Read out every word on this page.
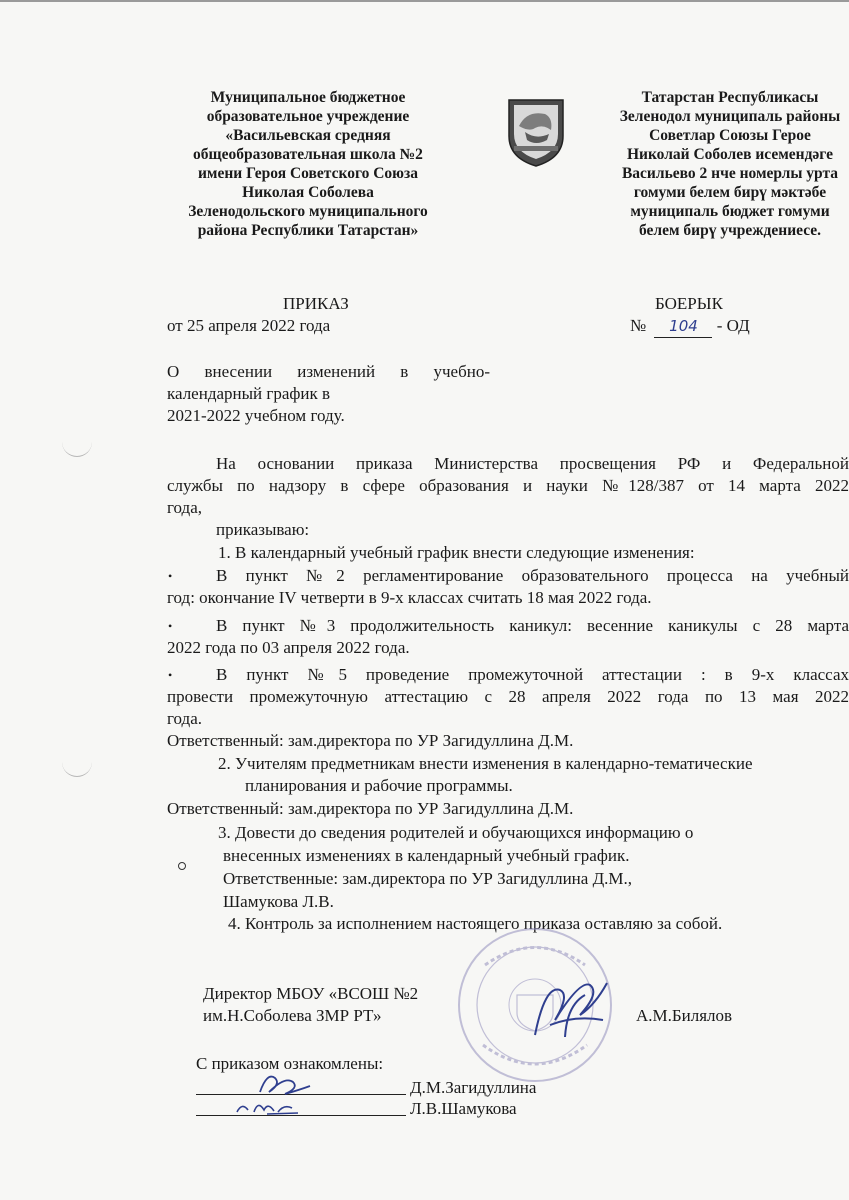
Муниципальное бюджетное
образовательное учреждение
«Васильевская средняя
общеобразовательная школа №2
имени Героя Советского Союза
Николая Соболева
Зеленодольского муниципального
района Республики Татарстан»
Татарстан Республикасы
Зеленодол муниципаль районы
Советлар Союзы Герое
Николай Соболев исемендәге
Васильево 2 нче номерлы урта
гомуми белем бирү мәктәбе
муниципаль бюджет гомуми
белем бирү учреждениесе.
ПРИКАЗ	БОЕРЫК
от 25 апреля 2022 года	№ 104 - ОД
О внесении изменений в учебно-
календарный график в
2021-2022 учебном году.
На основании приказа Министерства просвещения РФ и Федеральной
службы по надзору в сфере образования и науки №128/387 от 14 марта 2022
года,
приказываю:
1. В календарный учебный график внести следующие изменения:
•	В пункт №2 регламентирование образовательного процесса на учебный
год: окончание IV четверти в 9-х классах считать 18 мая 2022 года.
•	В пункт №3 продолжительность каникул: весенние каникулы с 28 марта
2022 года по 03 апреля 2022 года.
•	В пункт №5 проведение промежуточной аттестации : в 9-х классах
провести промежуточную аттестацию с 28 апреля 2022 года по 13 мая 2022
года.
Ответственный: зам.директора по УР Загидуллина Д.М.
2. Учителям предметникам внести изменения в календарно-тематические
планирования и рабочие программы.
Ответственный: зам.директора по УР Загидуллина Д.М.
3. Довести до сведения родителей и обучающихся информацию о
внесенных изменениях в календарный учебный график.
Ответственные: зам.директора по УР Загидуллина Д.М.,
Шамукова Л.В.
4. Контроль за исполнением настоящего приказа оставляю за собой.
Директор МБОУ «ВСОШ №2
им.Н.Соболева ЗМР РТ»	А.М.Билялов
С приказом ознакомлены:
Д.М.Загидуллина
Л.В.Шамукова
